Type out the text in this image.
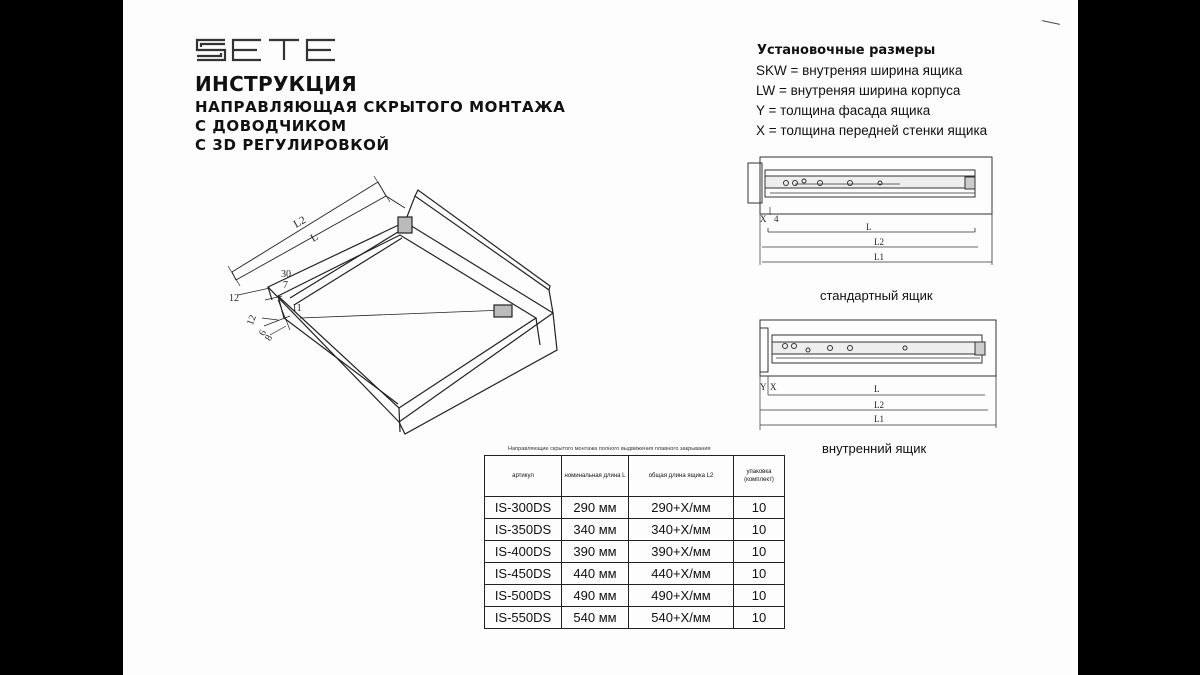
ИНСТРУКЦИЯ
НАПРАВЛЯЮЩАЯ СКРЫТОГО МОНТАЖА
С ДОВОДЧИКОМ
С 3D РЕГУЛИРОВКОЙ
Установочные размеры
SKW = внутреняя ширина ящика
LW = внутреняя ширина корпуса
Y = толщина фасада ящика
X = толщина передней стенки ящика
L2
L
30
7
12
11
12
6
8
X 4
L
L2
L1
Y X	L
L2
L1
стандартный ящик
внутренний ящик
Направляющие скрытого монтажа полного выдвижения плавного закрывания
артикул	номинальная длина L	общая длина ящика L2	упаковка (комплект)
IS-300DS	290 мм	290+X/мм	10
IS-350DS	340 мм	340+X/мм	10
IS-400DS	390 мм	390+X/мм	10
IS-450DS	440 мм	440+X/мм	10
IS-500DS	490 мм	490+X/мм	10
IS-550DS	540 мм	540+X/мм	10
